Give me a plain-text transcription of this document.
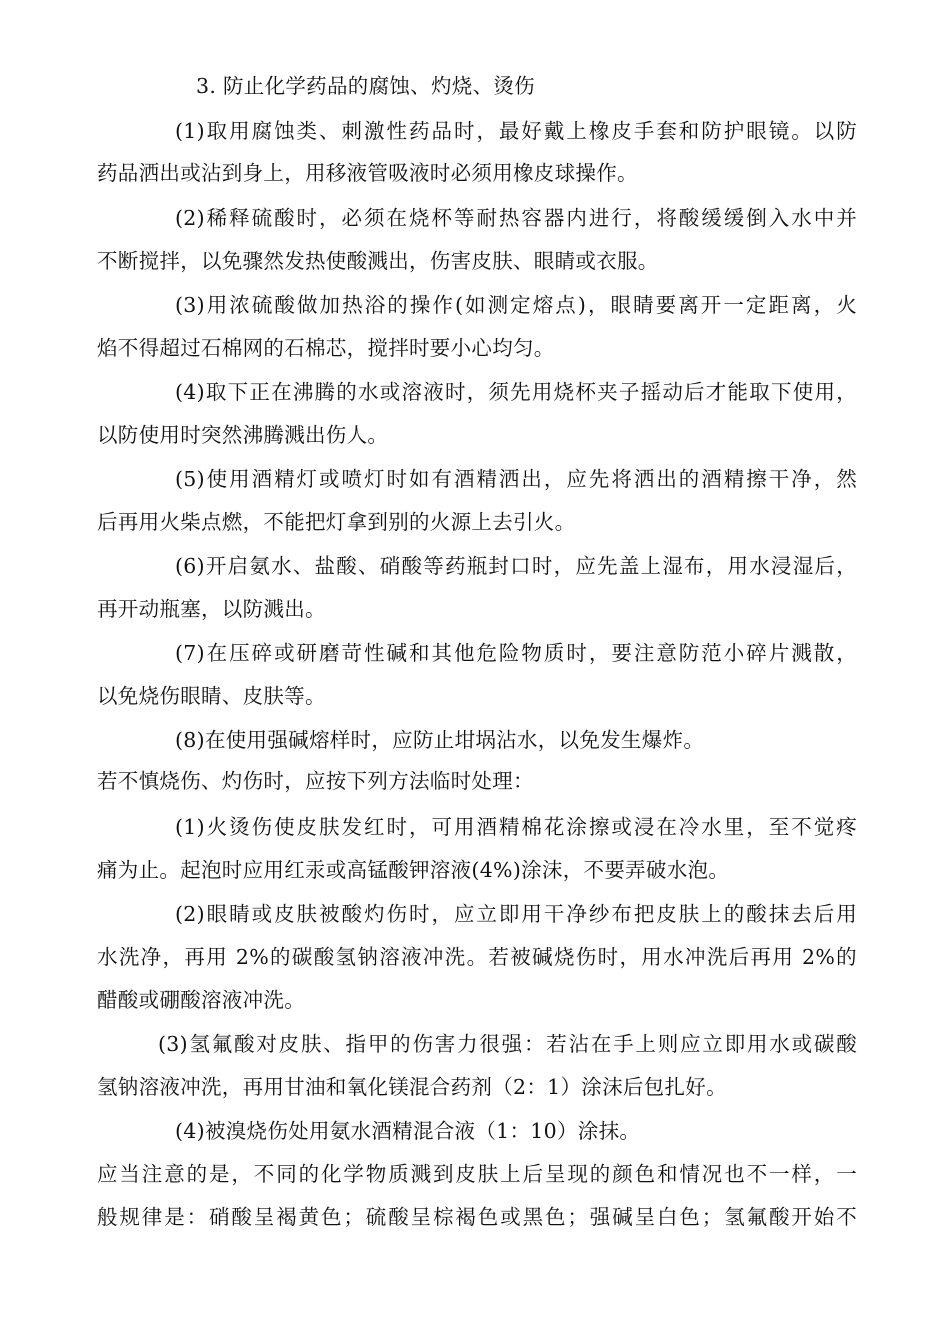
3. 防止化学药品的腐蚀、灼烧、烫伤
(1)取用腐蚀类、刺激性药品时，最好戴上橡皮手套和防护眼镜。以防
药品洒出或沾到身上，用移液管吸液时必须用橡皮球操作。
(2)稀释硫酸时，必须在烧杯等耐热容器内进行，将酸缓缓倒入水中并
不断搅拌，以免骤然发热使酸溅出，伤害皮肤、眼睛或衣服。
(3)用浓硫酸做加热浴的操作(如测定熔点)，眼睛要离开一定距离，火
焰不得超过石棉网的石棉芯，搅拌时要小心均匀。
(4)取下正在沸腾的水或溶液时，须先用烧杯夹子摇动后才能取下使用，
以防使用时突然沸腾溅出伤人。
(5)使用酒精灯或喷灯时如有酒精洒出，应先将洒出的酒精擦干净，然
后再用火柴点燃，不能把灯拿到别的火源上去引火。
(6)开启氨水、盐酸、硝酸等药瓶封口时，应先盖上湿布，用水浸湿后，
再开动瓶塞，以防溅出。
(7)在压碎或研磨苛性碱和其他危险物质时，要注意防范小碎片溅散，
以免烧伤眼睛、皮肤等。
(8)在使用强碱熔样时，应防止坩埚沾水，以免发生爆炸。
若不慎烧伤、灼伤时，应按下列方法临时处理：
(1)火烫伤使皮肤发红时，可用酒精棉花涂擦或浸在冷水里，至不觉疼
痛为止。起泡时应用红汞或高锰酸钾溶液(4%)涂沫，不要弄破水泡。
(2)眼睛或皮肤被酸灼伤时，应立即用干净纱布把皮肤上的酸抹去后用
水洗净，再用 2%的碳酸氢钠溶液冲洗。若被碱烧伤时，用水冲洗后再用 2%的
醋酸或硼酸溶液冲洗。
(3)氢氟酸对皮肤、指甲的伤害力很强：若沾在手上则应立即用水或碳酸
氢钠溶液冲洗，再用甘油和氧化镁混合药剂（2：1）涂沫后包扎好。
(4)被溴烧伤处用氨水酒精混合液（1：10）涂抹。
应当注意的是，不同的化学物质溅到皮肤上后呈现的颜色和情况也不一样，一
般规律是：硝酸呈褐黄色；硫酸呈棕褐色或黑色；强碱呈白色；氢氟酸开始不
